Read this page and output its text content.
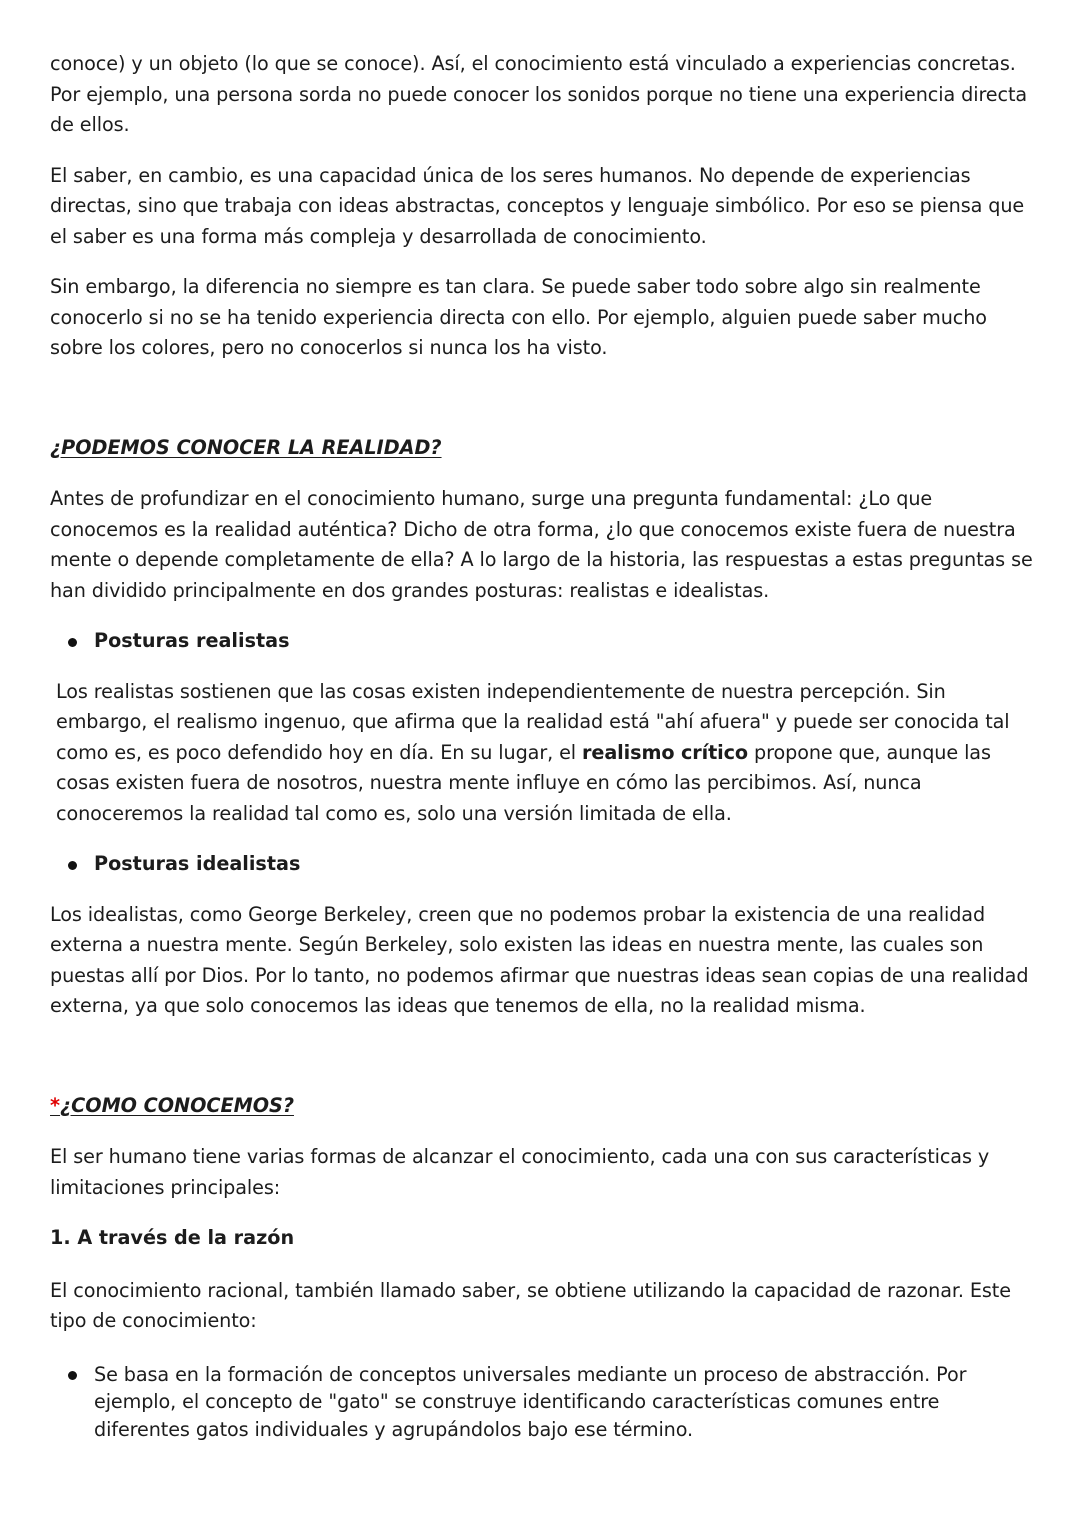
conoce) y un objeto (lo que se conoce). Así, el conocimiento está vinculado a experiencias concretas. Por ejemplo, una persona sorda no puede conocer los sonidos porque no tiene una experiencia directa de ellos.

El saber, en cambio, es una capacidad única de los seres humanos. No depende de experiencias directas, sino que trabaja con ideas abstractas, conceptos y lenguaje simbólico. Por eso se piensa que el saber es una forma más compleja y desarrollada de conocimiento.

Sin embargo, la diferencia no siempre es tan clara. Se puede saber todo sobre algo sin realmente conocerlo si no se ha tenido experiencia directa con ello. Por ejemplo, alguien puede saber mucho sobre los colores, pero no conocerlos si nunca los ha visto.

¿PODEMOS CONOCER LA REALIDAD?

Antes de profundizar en el conocimiento humano, surge una pregunta fundamental: ¿Lo que conocemos es la realidad auténtica? Dicho de otra forma, ¿lo que conocemos existe fuera de nuestra mente o depende completamente de ella? A lo largo de la historia, las respuestas a estas preguntas se han dividido principalmente en dos grandes posturas: realistas e idealistas.

Posturas realistas

Los realistas sostienen que las cosas existen independientemente de nuestra percepción. Sin embargo, el realismo ingenuo, que afirma que la realidad está "ahí afuera" y puede ser conocida tal como es, es poco defendido hoy en día. En su lugar, el realismo crítico propone que, aunque las cosas existen fuera de nosotros, nuestra mente influye en cómo las percibimos. Así, nunca conoceremos la realidad tal como es, solo una versión limitada de ella.

Posturas idealistas

Los idealistas, como George Berkeley, creen que no podemos probar la existencia de una realidad externa a nuestra mente. Según Berkeley, solo existen las ideas en nuestra mente, las cuales son puestas allí por Dios. Por lo tanto, no podemos afirmar que nuestras ideas sean copias de una realidad externa, ya que solo conocemos las ideas que tenemos de ella, no la realidad misma.

*¿COMO CONOCEMOS?

El ser humano tiene varias formas de alcanzar el conocimiento, cada una con sus características y limitaciones principales:

1. A través de la razón

El conocimiento racional, también llamado saber, se obtiene utilizando la capacidad de razonar. Este tipo de conocimiento:

Se basa en la formación de conceptos universales mediante un proceso de abstracción. Por ejemplo, el concepto de "gato" se construye identificando características comunes entre diferentes gatos individuales y agrupándolos bajo ese término.
